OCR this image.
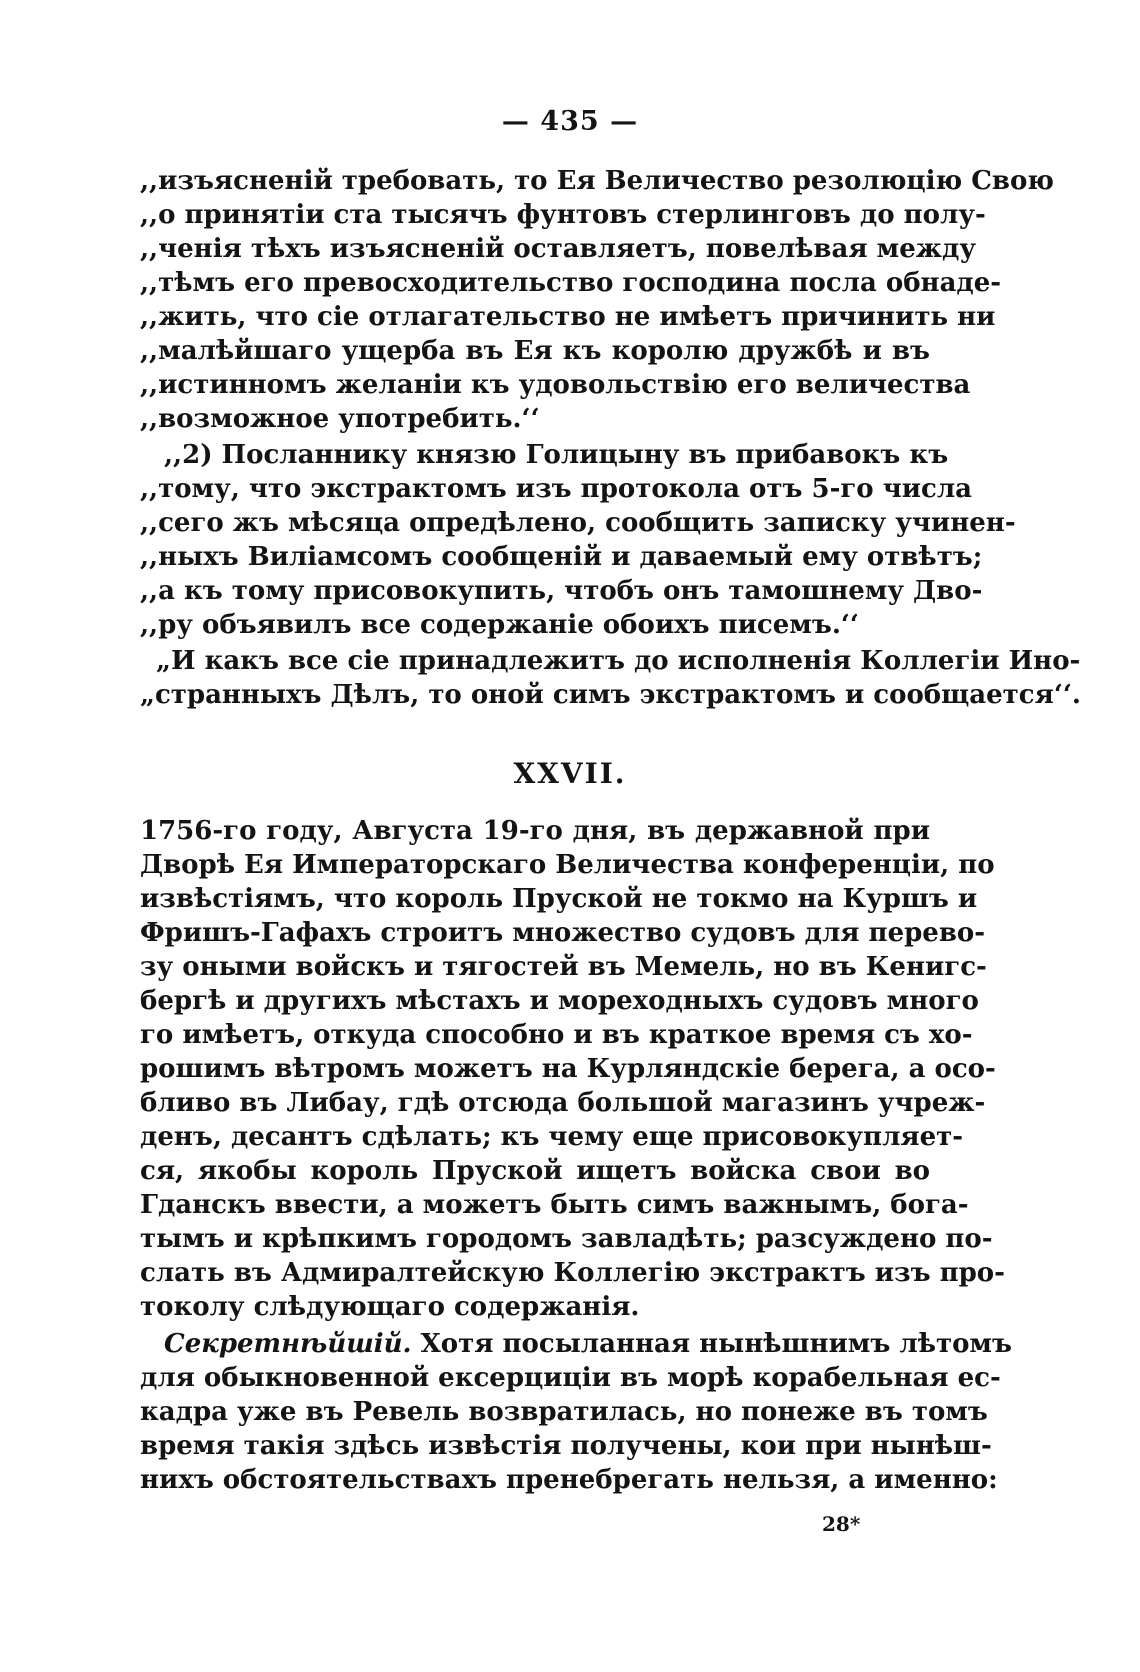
— 435 —
,,изъясненій требовать, то Ея Величество резолюцію Свою
,,о принятіи ста тысячъ фунтовъ стерлинговъ до полу-
,,ченія тѣхъ изъясненій оставляетъ, повелѣвая между
,,тѣмъ его превосходительство господина посла обнаде-
,,жить, что сіе отлагательство не имѣетъ причинить ни
,,малѣйшаго ущерба въ Ея къ королю дружбѣ и въ
,,истинномъ желаніи къ удовольствію его величества
,,возможное употребить.‘‘
,,2) Посланнику князю Голицыну въ прибавокъ къ
,,тому, что экстрактомъ изъ протокола отъ 5-го числа
,,сего жъ мѣсяца опредѣлено, сообщить записку учинен-
,,ныхъ Виліамсомъ сообщеній и даваемый ему отвѣтъ;
,,а къ тому присовокупить, чтобъ онъ тамошнему Дво-
,,ру объявилъ все содержаніе обоихъ писемъ.‘‘
„И какъ все сіе принадлежитъ до исполненія Коллегіи Ино-
„странныхъ Дѣлъ, то оной симъ экстрактомъ и сообщается‘‘.
XXVII.
1756-го году, Августа 19-го дня, въ державной при
Дворѣ Ея Императорскаго Величества конференціи, по
извѣстіямъ, что король Пруской не токмо на Куршъ и
Фришъ-Гафахъ строитъ множество судовъ для перево-
зу оными войскъ и тягостей въ Мемель, но въ Кенигс-
бергѣ и другихъ мѣстахъ и мореходныхъ судовъ много
го имѣетъ, откуда способно и въ краткое время съ хо-
рошимъ вѣтромъ можетъ на Курляндскіе берега, а осо-
бливо въ Либау, гдѣ отсюда большой магазинъ учреж-
денъ, десантъ сдѣлать; къ чему еще присовокупляет-
ся, якобы король Пруской ищетъ войска свои во
Гданскъ ввести, а можетъ быть симъ важнымъ, бога-
тымъ и крѣпкимъ городомъ завладѣть; разсуждено по-
слать въ Адмиралтейскую Коллегію экстрактъ изъ про-
токолу слѣдующаго содержанія.
Секретнѣйшій. Хотя посыланная нынѣшнимъ лѣтомъ
для обыкновенной ексерциціи въ морѣ корабельная ес-
кадра уже въ Ревель возвратилась, но понеже въ томъ
время такія здѣсь извѣстія получены, кои при нынѣш-
нихъ обстоятельствахъ пренебрегать нельзя, а именно:
28*
